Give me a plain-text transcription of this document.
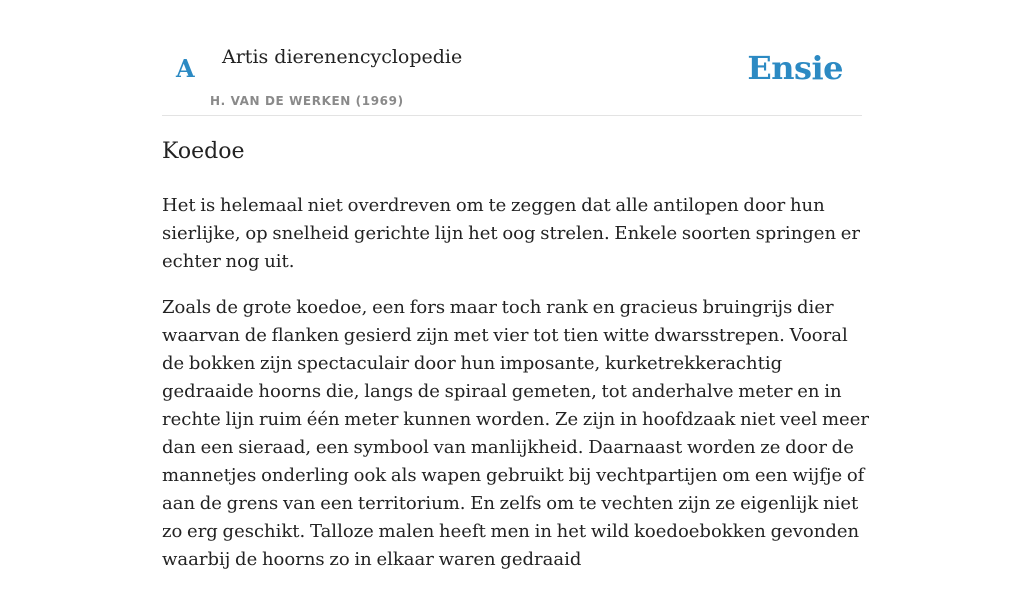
A Artis dierenencyclopedie
H. VAN DE WERKEN (1969)
Ensie
Koedoe

Het is helemaal niet overdreven om te zeggen dat alle antilopen door hun sierlijke, op snelheid gerichte lijn het oog strelen. Enkele soorten springen er echter nog uit.

Zoals de grote koedoe, een fors maar toch rank en gracieus bruingrijs dier waarvan de flanken gesierd zijn met vier tot tien witte dwarsstrepen. Vooral de bokken zijn spectaculair door hun imposante, kurketrekkerachtig gedraaide hoorns die, langs de spiraal gemeten, tot anderhalve meter en in rechte lijn ruim één meter kunnen worden. Ze zijn in hoofdzaak niet veel meer dan een sieraad, een symbool van manlijkheid. Daarnaast worden ze door de mannetjes onderling ook als wapen gebruikt bij vechtpartijen om een wijfje of aan de grens van een territorium. En zelfs om te vechten zijn ze eigenlijk niet zo erg geschikt. Talloze malen heeft men in het wild koedoebokken gevonden waarbij de hoorns zo in elkaar waren gedraaid
